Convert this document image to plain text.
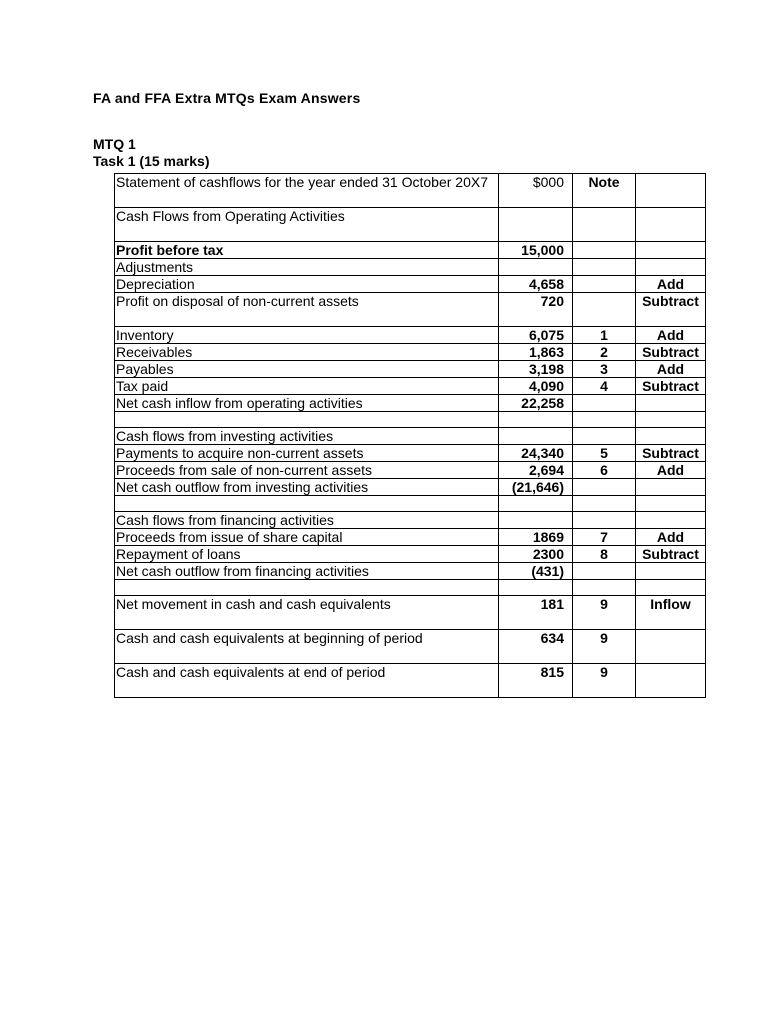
FA and FFA Extra MTQs Exam Answers
MTQ 1
Task 1 (15 marks)
Statement of cashflows for the year ended 31 October 20X7	$000	Note	
Cash Flows from Operating Activities			
Profit before tax	15,000		
Adjustments			
Depreciation	4,658		Add
Profit on disposal of non-current assets	720		Subtract
Inventory	6,075	1	Add
Receivables	1,863	2	Subtract
Payables	3,198	3	Add
Tax paid	4,090	4	Subtract
Net cash inflow from operating activities	22,258		

Cash flows from investing activities			
Payments to acquire non-current assets	24,340	5	Subtract
Proceeds from sale of non-current assets	2,694	6	Add
Net cash outflow from investing activities	(21,646)		

Cash flows from financing activities			
Proceeds from issue of share capital	1869	7	Add
Repayment of loans	2300	8	Subtract
Net cash outflow from financing activities	(431)		

Net movement in cash and cash equivalents	181	9	Inflow
Cash and cash equivalents at beginning of period	634	9	
Cash and cash equivalents at end of period	815	9	
